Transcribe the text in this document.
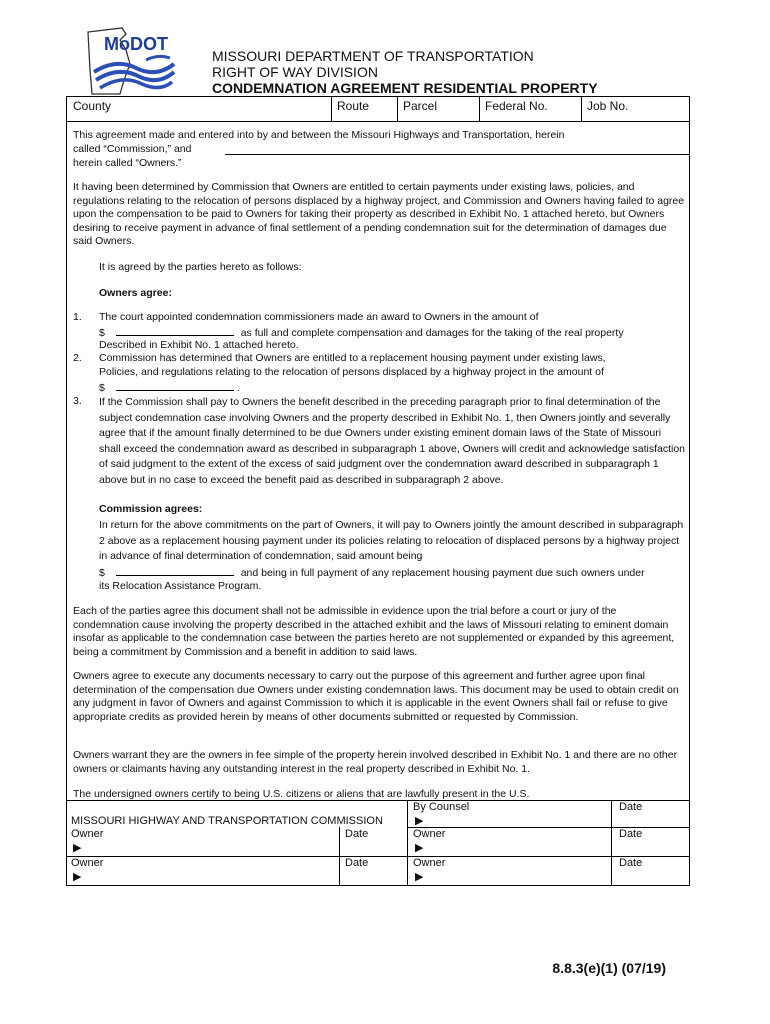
MoDOT
MISSOURI DEPARTMENT OF TRANSPORTATION
RIGHT OF WAY DIVISION
CONDEMNATION AGREEMENT RESIDENTIAL PROPERTY
County	Route	Parcel	Federal No.	Job No.
This agreement made and entered into by and between the Missouri Highways and Transportation, herein
called “Commission,” and
herein called “Owners.”
It having been determined by Commission that Owners are entitled to certain payments under existing laws, policies, and regulations relating to the relocation of persons displaced by a highway project, and Commission and Owners having failed to agree upon the compensation to be paid to Owners for taking their property as described in Exhibit No. 1 attached hereto, but Owners desiring to receive payment in advance of final settlement of a pending condemnation suit for the determination of damages due said Owners.
It is agreed by the parties hereto as follows:
Owners agree:
1. The court appointed condemnation commissioners made an award to Owners in the amount of
$	as full and complete compensation and damages for the taking of the real property
Described in Exhibit No. 1 attached hereto.
2. Commission has determined that Owners are entitled to a replacement housing payment under existing laws,
Policies, and regulations relating to the relocation of persons displaced by a highway project in the amount of
$	.
3. If the Commission shall pay to Owners the benefit described in the preceding paragraph prior to final determination of the subject condemnation case involving Owners and the property described in Exhibit No. 1, then Owners jointly and severally agree that if the amount finally determined to be due Owners under existing eminent domain laws of the State of Missouri shall exceed the condemnation award as described in subparagraph 1 above, Owners will credit and acknowledge satisfaction of said judgment to the extent of the excess of said judgment over the condemnation award described in subparagraph 1 above but in no case to exceed the benefit paid as described in subparagraph 2 above.
Commission agrees:
In return for the above commitments on the part of Owners, it will pay to Owners jointly the amount described in subparagraph 2 above as a replacement housing payment under its policies relating to relocation of displaced persons by a highway project in advance of final determination of condemnation, said amount being
$	and being in full payment of any replacement housing payment due such owners under
its Relocation Assistance Program.
Each of the parties agree this document shall not be admissible in evidence upon the trial before a court or jury of the condemnation cause involving the property described in the attached exhibit and the laws of Missouri relating to eminent domain insofar as applicable to the condemnation case between the parties hereto are not supplemented or expanded by this agreement, being a commitment by Commission and a benefit in addition to said laws.
Owners agree to execute any documents necessary to carry out the purpose of this agreement and further agree upon final determination of the compensation due Owners under existing condemnation laws. This document may be used to obtain credit on any judgment in favor of Owners and against Commission to which it is applicable in the event Owners shall fail or refuse to give appropriate credits as provided herein by means of other documents submitted or requested by Commission.
Owners warrant they are the owners in fee simple of the property herein involved described in Exhibit No. 1 and there are no other owners or claimants having any outstanding interest in the real property described in Exhibit No. 1.
The undersigned owners certify to being U.S. citizens or aliens that are lawfully present in the U.S.
By Counsel	Date
▶
MISSOURI HIGHWAY AND TRANSPORTATION COMMISSION
Owner	Date
▶
Owner	Date
▶
Owner	Date
▶
Owner	Date
▶
8.8.3(e)(1) (07/19)
